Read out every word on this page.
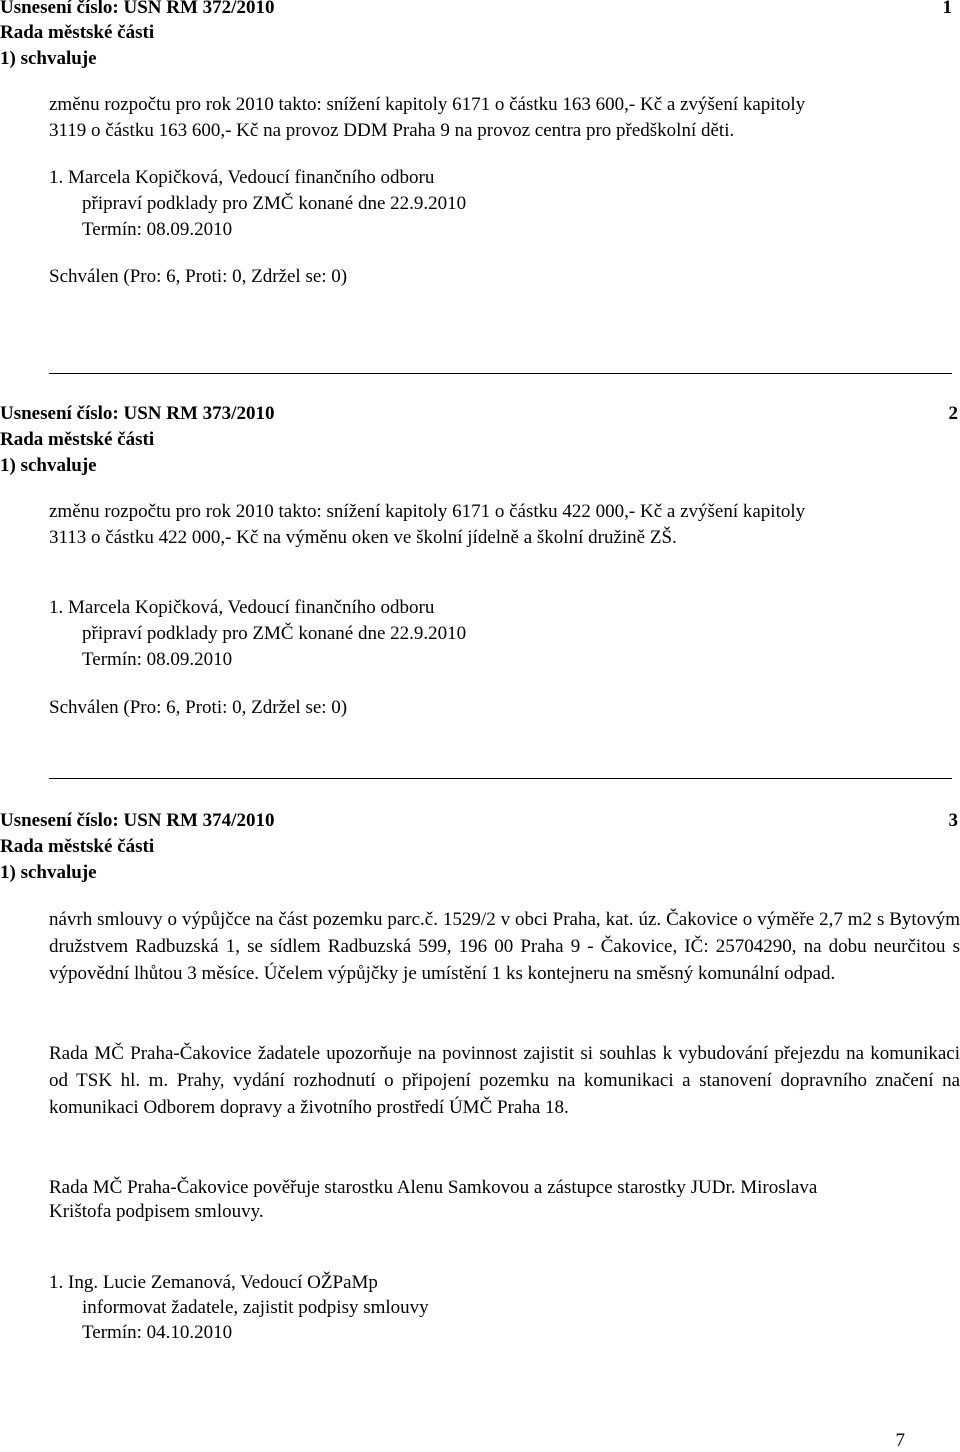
Usnesení číslo: USN RM 372/2010	1
Rada městské části
1) schvaluje
změnu rozpočtu pro rok 2010 takto: snížení kapitoly 6171 o částku 163 600,- Kč a zvýšení kapitoly
3119 o částku 163 600,- Kč na provoz DDM Praha 9 na provoz centra pro předškolní děti.
1. Marcela Kopičková, Vedoucí finančního odboru
připraví podklady pro ZMČ konané dne 22.9.2010
Termín: 08.09.2010
Schválen (Pro: 6, Proti: 0, Zdržel se: 0)
Usnesení číslo: USN RM 373/2010	2
Rada městské části
1) schvaluje
změnu rozpočtu pro rok 2010 takto: snížení kapitoly 6171 o částku 422 000,- Kč a zvýšení kapitoly
3113 o částku 422 000,- Kč na výměnu oken ve školní jídelně a školní družině ZŠ.
1. Marcela Kopičková, Vedoucí finančního odboru
připraví podklady pro ZMČ konané dne 22.9.2010
Termín: 08.09.2010
Schválen (Pro: 6, Proti: 0, Zdržel se: 0)
Usnesení číslo: USN RM 374/2010	3
Rada městské části
1) schvaluje
návrh smlouvy o výpůjčce na část pozemku parc.č. 1529/2 v obci Praha, kat. úz. Čakovice o výměře 2,7 m2 s Bytovým družstvem Radbuzská 1, se sídlem Radbuzská 599, 196 00 Praha 9 - Čakovice, IČ: 25704290, na dobu neurčitou s výpovědní lhůtou 3 měsíce. Účelem výpůjčky je umístění 1 ks kontejneru na směsný komunální odpad.
Rada MČ Praha-Čakovice žadatele upozorňuje na povinnost zajistit si souhlas k vybudování přejezdu na komunikaci od TSK hl. m. Prahy, vydání rozhodnutí o připojení pozemku na komunikaci a stanovení dopravního značení na komunikaci Odborem dopravy a životního prostředí ÚMČ Praha 18.
Rada MČ Praha-Čakovice pověřuje starostku Alenu Samkovou a zástupce starostky JUDr. Miroslava
Krištofa podpisem smlouvy.
1. Ing. Lucie Zemanová, Vedoucí OŽPaMp
informovat žadatele, zajistit podpisy smlouvy
Termín: 04.10.2010
7
